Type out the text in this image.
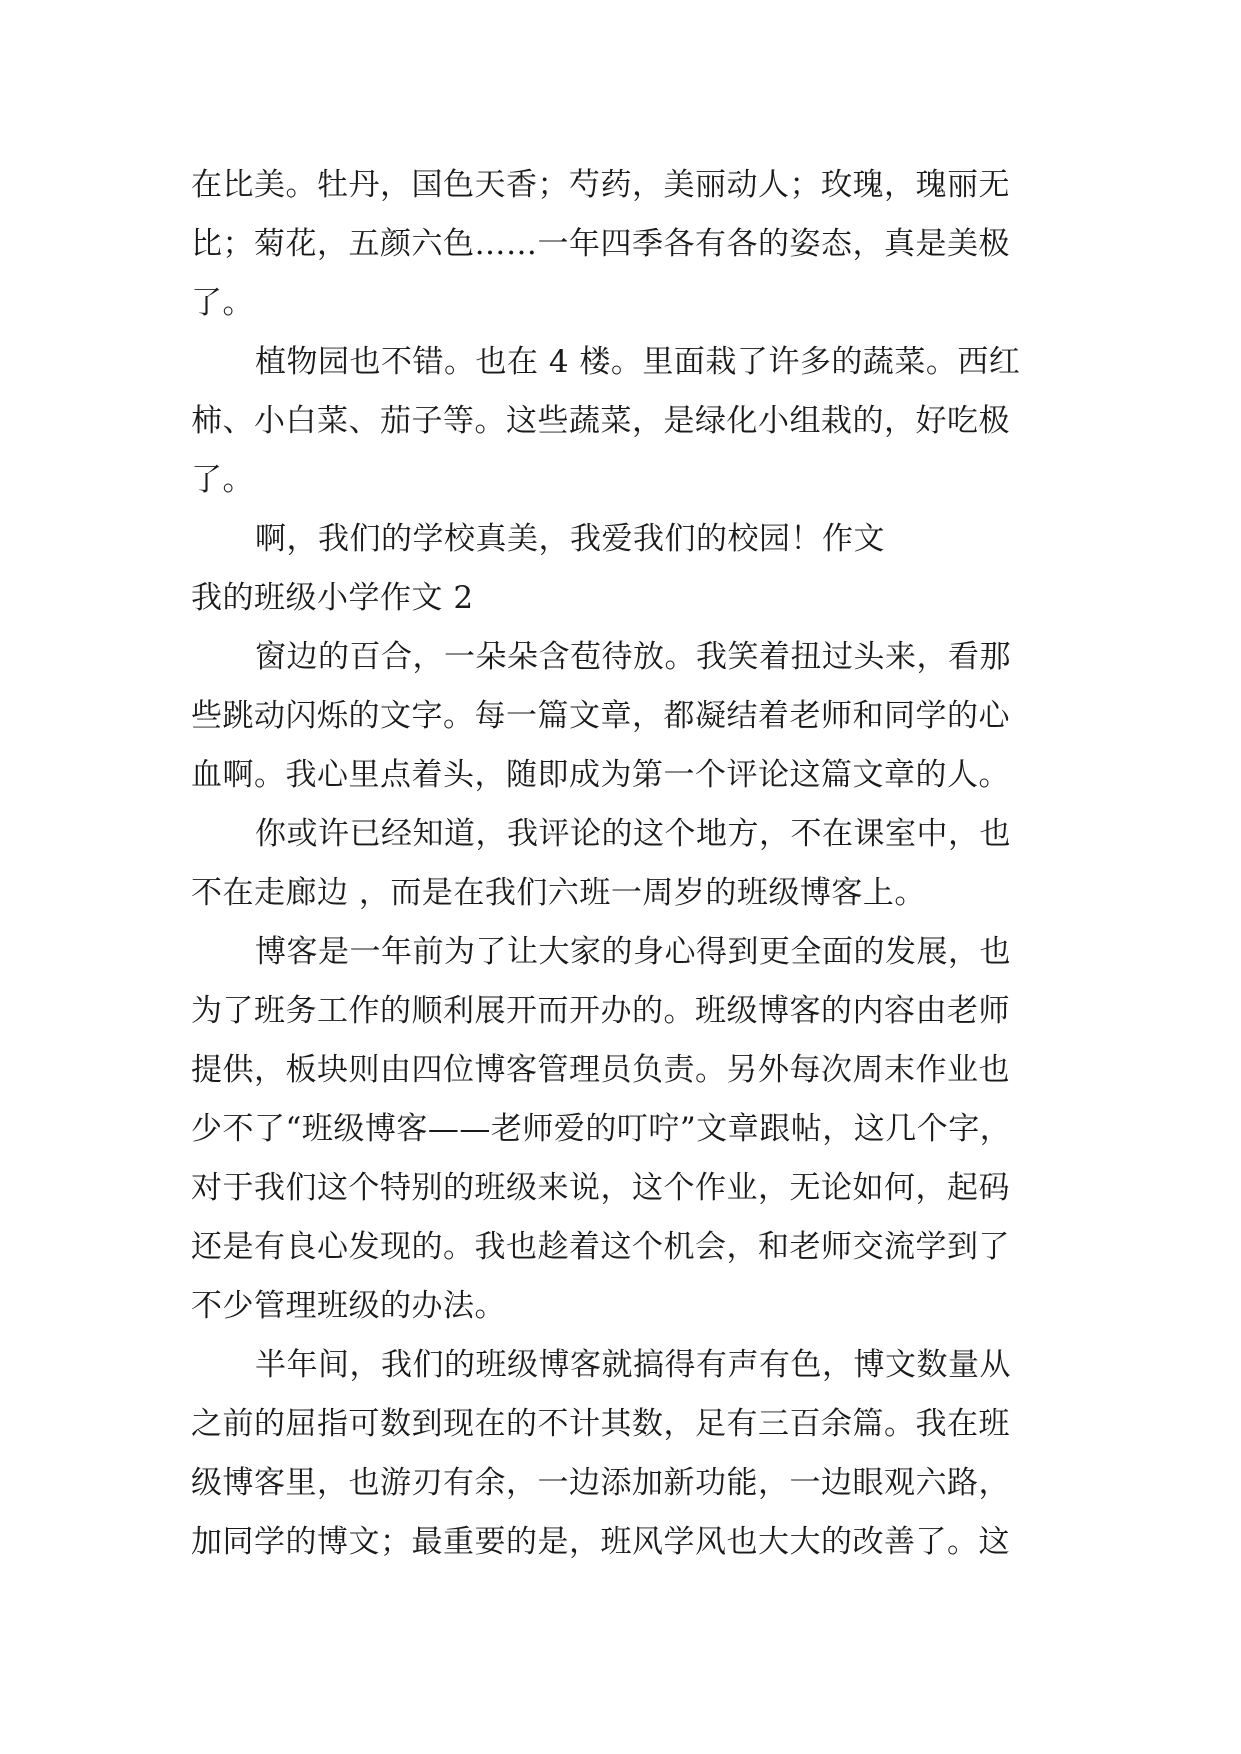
在比美。牡丹，国色天香；芍药，美丽动人；玫瑰，瑰丽无
比；菊花，五颜六色……一年四季各有各的姿态，真是美极
了。
植物园也不错。也在 4 楼。里面栽了许多的蔬菜。西红
柿、小白菜、茄子等。这些蔬菜，是绿化小组栽的，好吃极
了。
啊，我们的学校真美，我爱我们的校园！作文
我的班级小学作文 2
窗边的百合，一朵朵含苞待放。我笑着扭过头来，看那
些跳动闪烁的文字。每一篇文章，都凝结着老师和同学的心
血啊。我心里点着头，随即成为第一个评论这篇文章的人。
你或许已经知道，我评论的这个地方，不在课室中，也
不在走廊边 ，而是在我们六班一周岁的班级博客上。
博客是一年前为了让大家的身心得到更全面的发展，也
为了班务工作的顺利展开而开办的。班级博客的内容由老师
提供，板块则由四位博客管理员负责。另外每次周末作业也
少不了“班级博客——老师爱的叮咛”文章跟帖，这几个字，
对于我们这个特别的班级来说，这个作业，无论如何，起码
还是有良心发现的。我也趁着这个机会，和老师交流学到了
不少管理班级的办法。
半年间，我们的班级博客就搞得有声有色，博文数量从
之前的屈指可数到现在的不计其数，足有三百余篇。我在班
级博客里，也游刃有余，一边添加新功能，一边眼观六路，
加同学的博文；最重要的是，班风学风也大大的改善了。这
